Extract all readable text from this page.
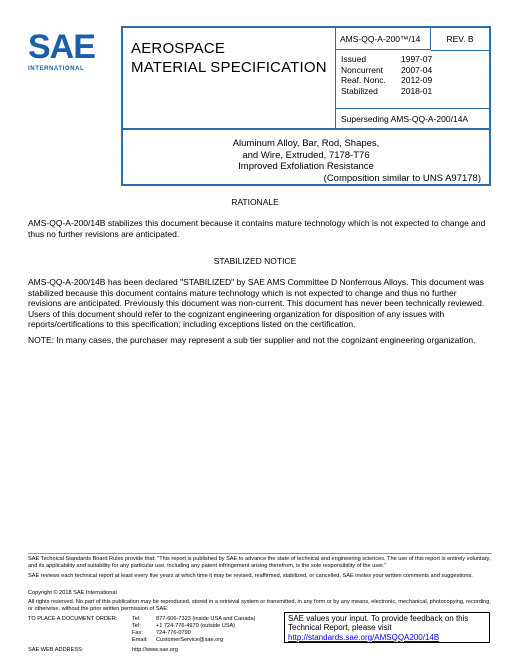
SAE
INTERNATIONAL
AEROSPACE
MATERIAL SPECIFICATION
AMS-QQ-A-200™/14	REV. B
Issued	1997-07
Noncurrent	2007-04
Reaf. Nonc.	2012-09
Stabilized	2018-01
Superseding AMS-QQ-A-200/14A
Aluminum Alloy, Bar, Rod, Shapes,
and Wire, Extruded, 7178-T76
Improved Exfoliation Resistance
(Composition similar to UNS A97178)
RATIONALE
AMS-QQ-A-200/14B stabilizes this document because it contains mature technology which is not expected to change and thus no further revisions are anticipated.
STABILIZED NOTICE
AMS-QQ-A-200/14B has been declared "STABILIZED" by SAE AMS Committee D Nonferrous Alloys. This document was stabilized because this document contains mature technology which is not expected to change and thus no further revisions are anticipated. Previously this document was non-current. This document has never been technically reviewed. Users of this document should refer to the cognizant engineering organization for disposition of any issues with reports/certifications to this specification; including exceptions listed on the certification.
NOTE: In many cases, the purchaser may represent a sub tier supplier and not the cognizant engineering organization.
SAE Technical Standards Board Rules provide that: "This report is published by SAE to advance the state of technical and engineering sciences. The use of this report is entirely voluntary, and its applicability and suitability for any particular use, including any patent infringement arising therefrom, is the sole responsibility of the user."
SAE reviews each technical report at least every five years at which time it may be revised, reaffirmed, stabilized, or cancelled. SAE invites your written comments and suggestions.
Copyright © 2018 SAE International
All rights reserved. No part of this publication may be reproduced, stored in a retrieval system or transmitted, in any form or by any means, electronic, mechanical, photocopying, recording, or otherwise, without the prior written permission of SAE.
TO PLACE A DOCUMENT ORDER:	Tel:	877-606-7323 (inside USA and Canada)
	Tel:	+1 724-776-4970 (outside USA)
	Fax:	724-776-0790
	Email:	CustomerService@sae.org
SAE WEB ADDRESS:	http://www.sae.org
SAE values your input. To provide feedback on this
Technical Report, please visit
http://standards.sae.org/AMSQQA200/14B
